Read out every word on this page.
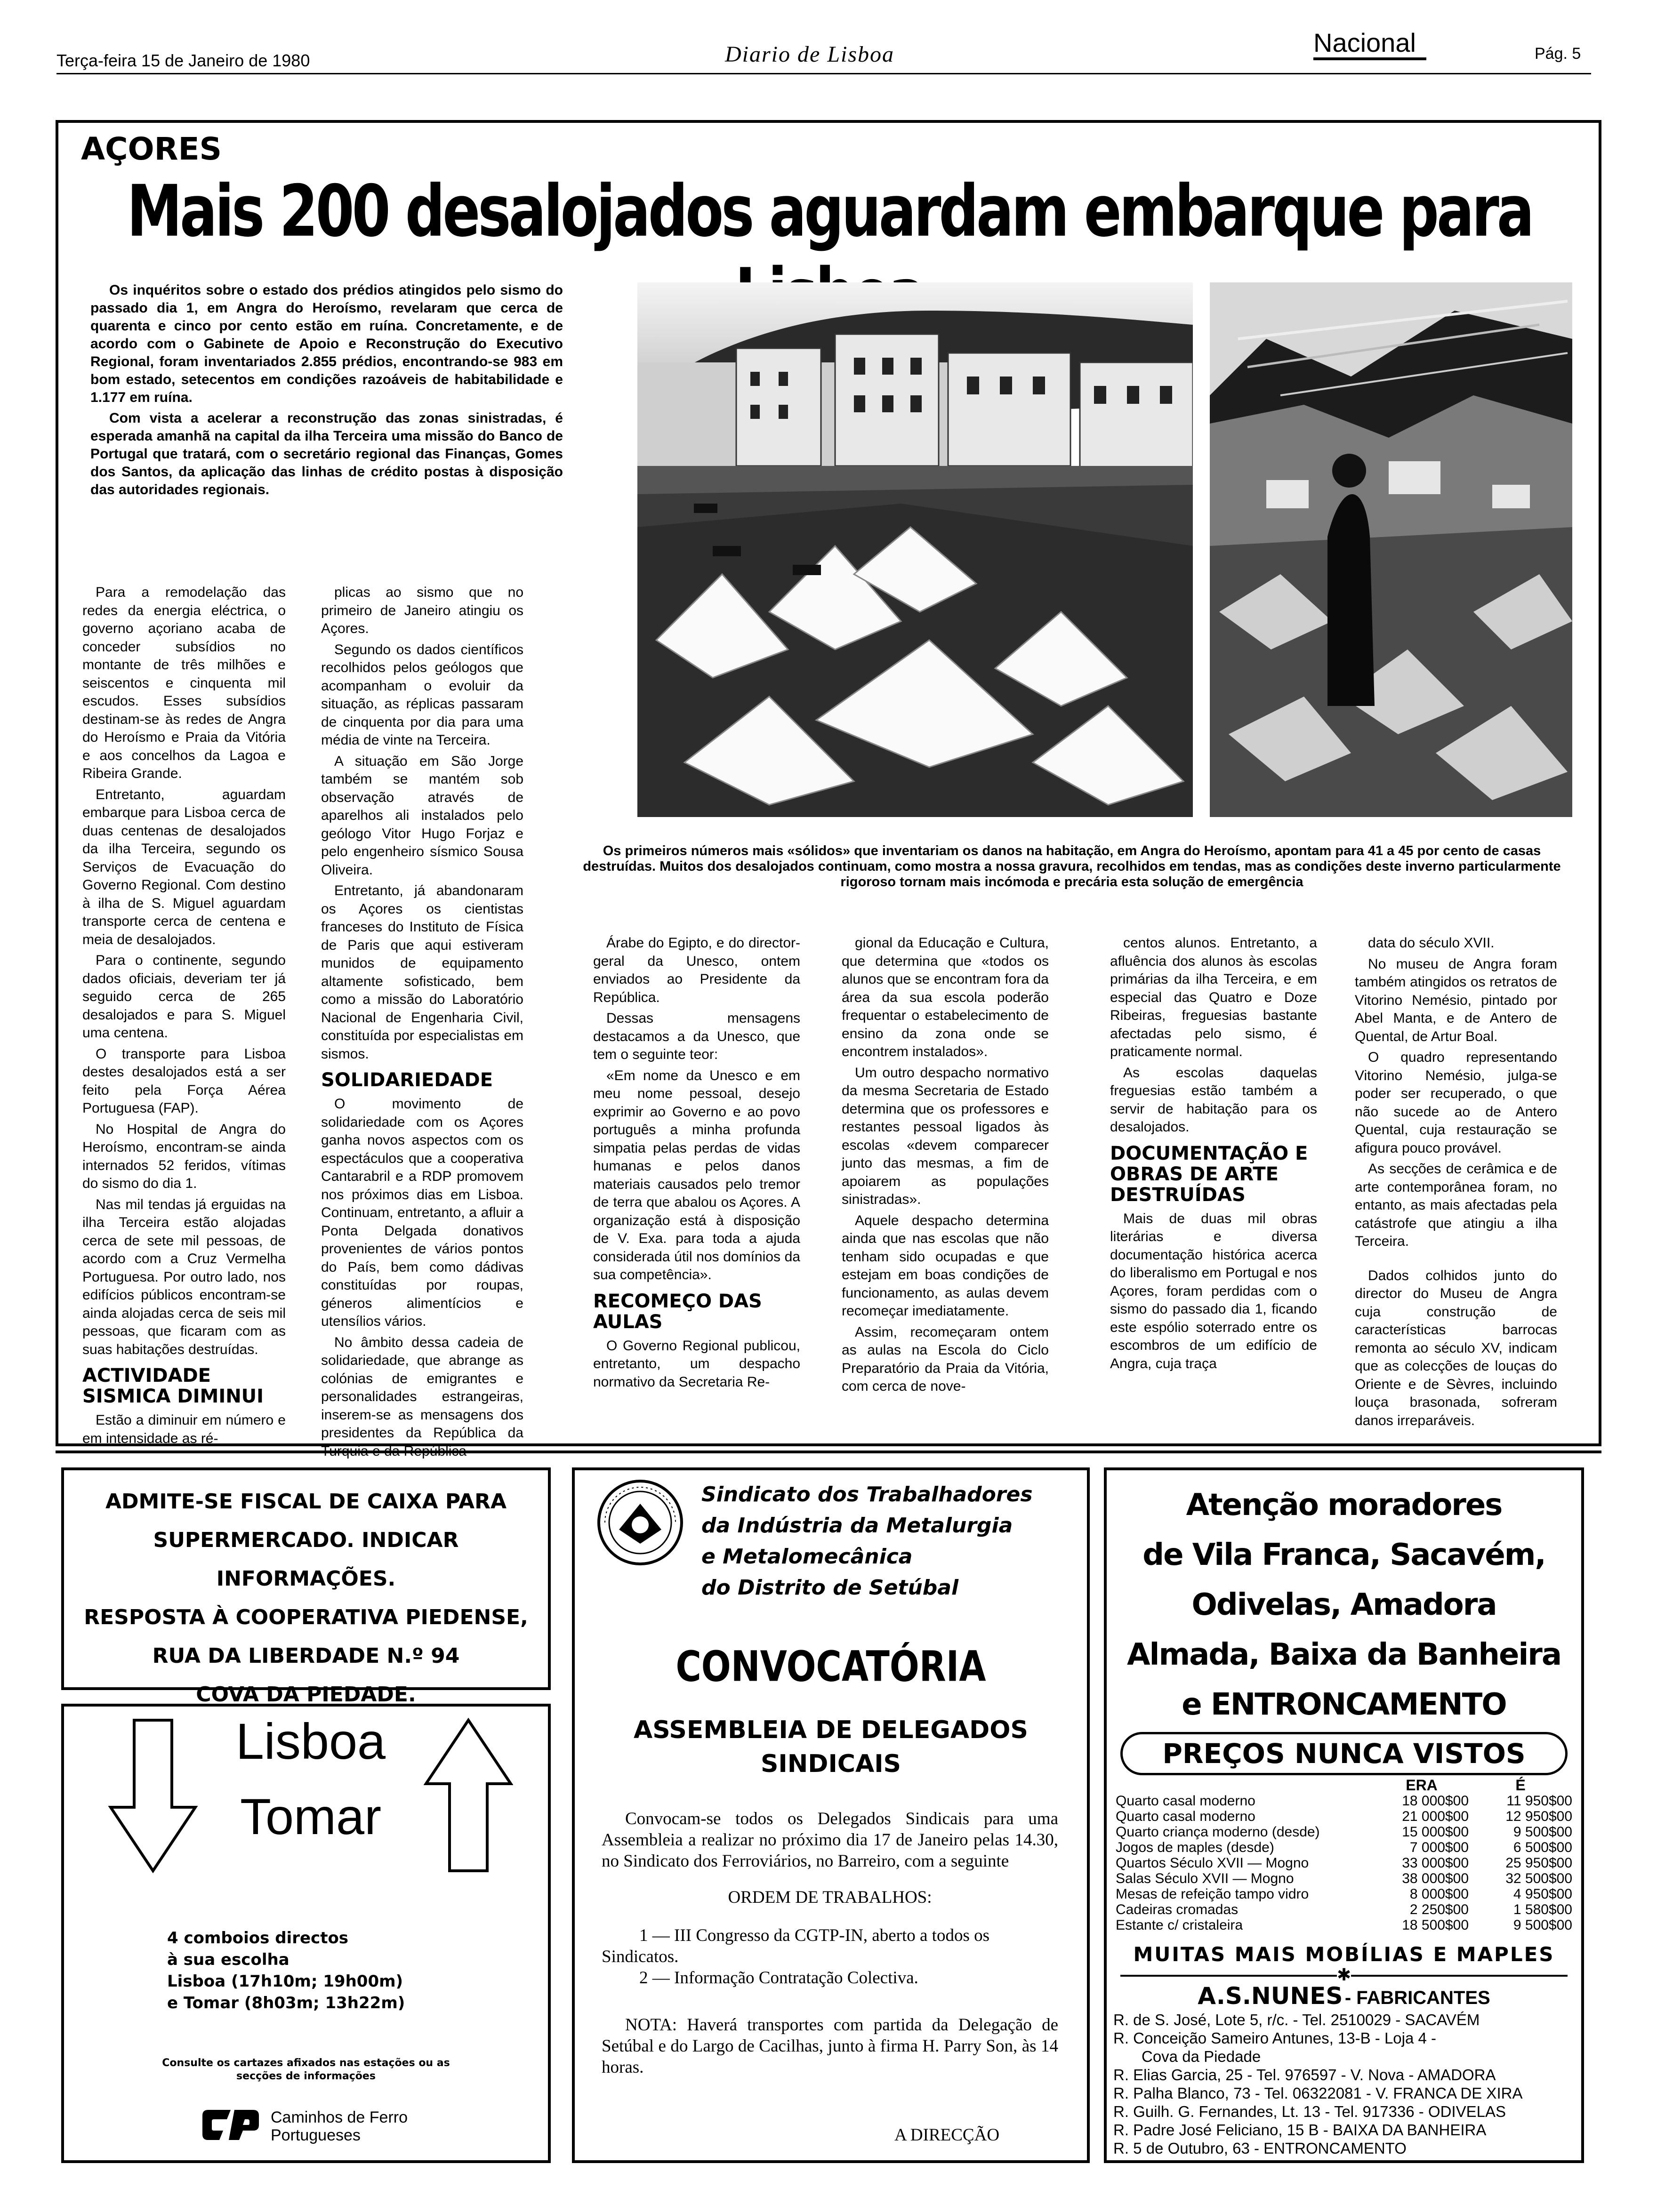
Terça-feira 15 de Janeiro de 1980	Diario de Lisboa	Nacional	Pág. 5
AÇORES
Mais 200 desalojados aguardam embarque para

Os inquéritos sobre o estado dos prédios atingidos pelo sismo do passado dia 1, em Angra do Heroísmo, revelaram que cerca de quarenta e cinco por cento estão em ruína. Concretamente, e de acordo com o Gabinete de Apoio e Reconstrução do Executivo Regional, foram inventariados 2.855 prédios, encontrando-se 983 em bom estado, setecentos em condições razoáveis de habitabilidade e 1.177 em ruína.

Com vista a acelerar a reconstrução das zonas sinistradas, é esperada amanhã na capital da ilha Terceira uma missão do Banco de Portugal que tratará, com o secretário regional das Finanças, Gomes dos Santos, da aplicação das linhas de crédito postas à disposição das autoridades regionais.

Os primeiros números mais «sólidos» que inventariam os danos na habitação, em Angra do Heroísmo, apontam para 41 a 45 por cento de casas destruídas. Muitos dos desalojados continuam, como mostra a nossa gravura, recolhidos em tendas, mas as condições deste inverno particularmente rigoroso tornam mais incómoda e precária esta solução de emergência

Para a remodelação das redes da energia eléctrica, o governo açoriano acaba de conceder subsídios no montante de três milhões e seiscentos e cinquenta mil escudos. Esses subsídios destinam-se às redes de Angra do Heroísmo e Praia da Vitória e aos concelhos da Lagoa e Ribeira Grande.

Entretanto, aguardam embarque para Lisboa cerca de duas centenas de desalojados da ilha Terceira, segundo os Serviços de Evacuação do Governo Regional. Com destino à ilha de S. Miguel aguardam transporte cerca de centena e meia de desalojados.

Para o continente, segundo dados oficiais, deveriam ter já seguido cerca de 265 desalojados e para S. Miguel uma centena.

O transporte para Lisboa destes desalojados está a ser feito pela Força Aérea Portuguesa (FAP).

No Hospital de Angra do Heroísmo, encontram-se ainda internados 52 feridos, vítimas do sismo do dia 1.

Nas mil tendas já erguidas na ilha Terceira estão alojadas cerca de sete mil pessoas, de acordo com a Cruz Vermelha Portuguesa. Por outro lado, nos edifícios públicos encontram-se ainda alojadas cerca de seis mil pessoas, que ficaram com as suas habitações destruídas.

ACTIVIDADE SISMICA DIMINUI

Estão a diminuir em número e em intensidade as ré-

plicas ao sismo que no primeiro de Janeiro atingiu os Açores.

Segundo os dados científicos recolhidos pelos geólogos que acompanham o evoluir da situação, as réplicas passaram de cinquenta por dia para uma média de vinte na Terceira.

A situação em São Jorge também se mantém sob observação através de aparelhos ali instalados pelo geólogo Vitor Hugo Forjaz e pelo engenheiro sísmico Sousa Oliveira.

Entretanto, já abandonaram os Açores os cientistas franceses do Instituto de Física de Paris que aqui estiveram munidos de equipamento altamente sofisticado, bem como a missão do Laboratório Nacional de Engenharia Civil, constituída por especialistas em sismos.

SOLIDARIEDADE

O movimento de solidariedade com os Açores ganha novos aspectos com os espectáculos que a cooperativa Cantarabril e a RDP promovem nos próximos dias em Lisboa. Continuam, entretanto, a afluir a Ponta Delgada donativos provenientes de vários pontos do País, bem como dádivas constituídas por roupas, géneros alimentícios e utensílios vários.

No âmbito dessa cadeia de solidariedade, que abrange as colónias de emigrantes e personalidades estrangeiras, inserem-se as mensagens dos presidentes da República da

Árabe do Egipto, e do director-geral da Unesco, ontem enviados ao Presidente da República.

Dessas mensagens destacamos a da Unesco, que tem o seguinte teor:

«Em nome da Unesco e em meu nome pessoal, desejo exprimir ao Governo e ao povo português a minha profunda simpatia pelas perdas de vidas humanas e pelos danos materiais causados pelo tremor de terra que abalou os Açores. A organização está à disposição de V. Exa. para toda a ajuda considerada útil nos domínios da sua competência».

RECOMEÇO DAS AULAS

O Governo Regional publicou, entretanto, um despacho normativo da Secretaria Re-

gional da Educação e Cultura, que determina que «todos os alunos que se encontram fora da área da sua escola poderão frequentar o estabelecimento de ensino da zona onde se encontrem instalados».

Um outro despacho normativo da mesma Secretaria de Estado determina que os professores e restantes pessoal ligados às escolas «devem comparecer junto das mesmas, a fim de apoiarem as populações sinistradas».

Aquele despacho determina ainda que nas escolas que não tenham sido ocupadas e que estejam em boas condições de funcionamento, as aulas devem recomeçar imediatamente.

Assim, recomeçaram ontem as aulas na Escola do Ciclo Preparatório da Praia da Vitória, com cerca de nove-

centos alunos. Entretanto, a afluência dos alunos às escolas primárias da ilha Terceira, e em especial das Quatro e Doze Ribeiras, freguesias bastante afectadas pelo sismo, é praticamente normal.

As escolas daquelas freguesias estão também a servir de habitação para os desalojados.

DOCUMENTAÇÃO E OBRAS DE ARTE DESTRUÍDAS

Mais de duas mil obras literárias e diversa documentação histórica acerca do liberalismo em Portugal e nos Açores, foram perdidas com o sismo do passado dia 1, ficando este espólio soterrado entre os escombros de um edifício de Angra, cuja traça

data do século XVII.

No museu de Angra foram também atingidos os retratos de Vitorino Nemésio, pintado por Abel Manta, e de Antero de Quental, de Artur Boal.

O quadro representando Vitorino Nemésio, julga-se poder ser recuperado, o que não sucede ao de Antero Quental, cuja restauração se afigura pouco provável.

As secções de cerâmica e de arte contemporânea foram, no entanto, as mais afectadas pela catástrofe que atingiu a ilha Terceira.

Dados colhidos junto do director do Museu de Angra cuja construção de características barrocas remonta ao século XV, indicam que as colecções de louças do Oriente e de Sèvres, incluindo louça brasonada, sofreram danos irreparáveis.

ADMITE-SE FISCAL DE CAIXA PARA
SUPERMERCADO. INDICAR INFORMAÇÕES.
RESPOSTA À COOPERATIVA PIEDENSE,
RUA DA LIBERDADE N.º 94
COVA DA PIEDADE.
Lisboa
Tomar
4 comboios directos
à sua escolha
Lisboa (17h10m; 19h00m)
e Tomar (8h03m; 13h22m)
Consulte os cartazes afixados nas estações ou as secções de informações
Caminhos de Ferro
Portugueses
Sindicato dos Trabalhadores
da Indústria da Metalurgia
e Metalomecânica
do Distrito de Setúbal
CONVOCATÓRIA
ASSEMBLEIA DE DELEGADOS
SINDICAIS
Convocam-se todos os Delegados Sindicais para uma Assembleia a realizar no próximo dia 17 de Janeiro pelas 14.30, no Sindicato dos Ferroviários, no Barreiro, com a seguinte
ORDEM DE TRABALHOS:
1 — III Congresso da CGTP-IN, aberto a todos os Sindicatos.
2 — Informação Contratação Colectiva.
NOTA: Haverá transportes com partida da Delegação de Setúbal e do Largo de Cacilhas, junto à firma H. Parry Son, às 14 horas.
A DIRECÇÃO
Atenção moradores
de Vila Franca, Sacavém,
Odivelas, Amadora
Almada, Baixa da Banheira
e ENTRONCAMENTO
PREÇOS NUNCA VISTOS
ERA	É
Quarto casal moderno	18 000$00	11 950$00
Quarto casal moderno	21 000$00	12 950$00
Quarto criança moderno (desde)	15 000$00	9 500$00
Jogos de maples (desde)	7 000$00	6 500$00
Quartos Século XVII — Mogno	33 000$00	25 950$00
Salas Século XVII — Mogno	38 000$00	32 500$00
Mesas de refeição tampo vidro	8 000$00	4 950$00
Cadeiras cromadas	2 250$00	1 580$00
Estante c/ cristaleira	18 500$00	9 500$00
MUITAS MAIS MOBÍLIAS E MAPLES
✱
A.S.NUNES - FABRICANTES
R. de S. José, Lote 5, r/c. - Tel. 2510029 - SACAVÉM
R. Conceição Sameiro Antunes, 13-B - Loja 4 -
Cova da Piedade
R. Elias Garcia, 25 - Tel. 976597 - V. Nova - AMADORA
R. Palha Blanco, 73 - Tel. 06322081 - V. FRANCA DE XIRA
R. Guilh. G. Fernandes, Lt. 13 - Tel. 917336 - ODIVELAS
R. Padre José Feliciano, 15 B - BAIXA DA BANHEIRA
R. 5 de Outubro, 63 - ENTRONCAMENTO
